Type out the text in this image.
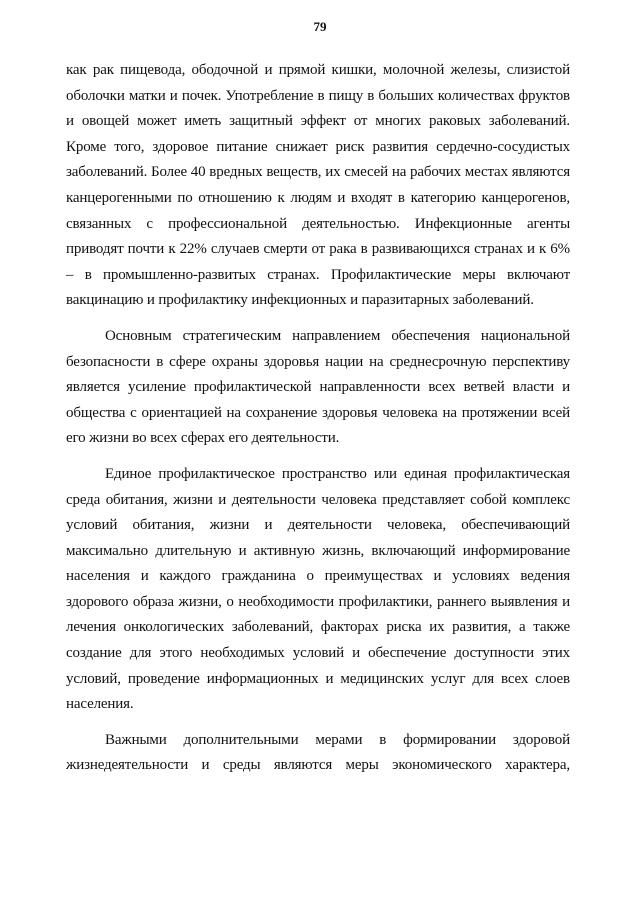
79

как рак пищевода, ободочной и прямой кишки, молочной железы, слизистой оболочки матки и почек. Употребление в пищу в больших количествах фруктов и овощей может иметь защитный эффект от многих раковых заболеваний. Кроме того, здоровое питание снижает риск развития сердечно-сосудистых заболеваний. Более 40 вредных веществ, их смесей на рабочих местах являются канцерогенными по отношению к людям и входят в категорию канцерогенов, связанных с профессиональной деятельностью. Инфекционные агенты приводят почти к 22% случаев смерти от рака в развивающихся странах и к 6% – в промышленно-развитых странах. Профилактические меры включают вакцинацию и профилактику инфекционных и паразитарных заболеваний.

Основным стратегическим направлением обеспечения национальной безопасности в сфере охраны здоровья нации на среднесрочную перспективу является усиление профилактической направленности всех ветвей власти и общества с ориентацией на сохранение здоровья человека на протяжении всей его жизни во всех сферах его деятельности.

Единое профилактическое пространство или единая профилактическая среда обитания, жизни и деятельности человека представляет собой комплекс условий обитания, жизни и деятельности человека, обеспечивающий максимально длительную и активную жизнь, включающий информирование населения и каждого гражданина о преимуществах и условиях ведения здорового образа жизни, о необходимости профилактики, раннего выявления и лечения онкологических заболеваний, факторах риска их развития, а также создание для этого необходимых условий и обеспечение доступности этих условий, проведение информационных и медицинских услуг для всех слоев населения.

Важными дополнительными мерами в формировании здоровой жизнедеятельности и среды являются меры экономического характера,
